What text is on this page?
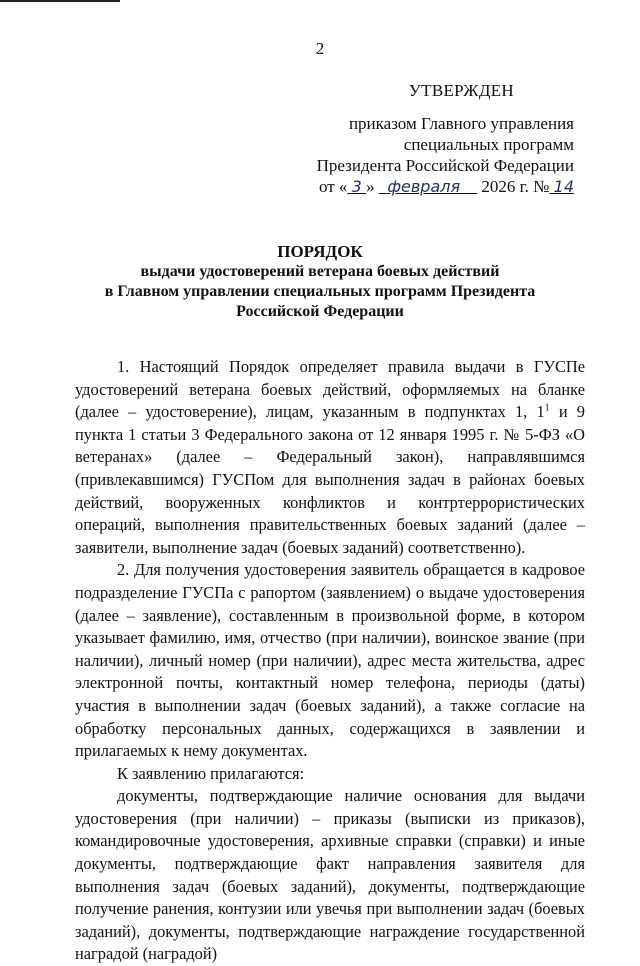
2
УТВЕРЖДЕН
приказом Главного управления
специальных программ
Президента Российской Федерации
от « 3 » февраля 2026 г. № 14
ПОРЯДОК
выдачи удостоверений ветерана боевых действий
в Главном управлении специальных программ Президента
Российской Федерации

1. Настоящий Порядок определяет правила выдачи в ГУСПе удостоверений ветерана боевых действий, оформляемых на бланке (далее – удостоверение), лицам, указанным в подпунктах 1, $1^1$ и 9 пункта 1 статьи 3 Федерального закона от 12 января 1995 г. № 5-ФЗ «О ветеранах» (далее – Федеральный закон), направлявшимся (привлекавшимся) ГУСПом для выполнения задач в районах боевых действий, вооруженных конфликтов и контртеррористических операций, выполнения правительственных боевых заданий (далее – заявители, выполнение задач (боевых заданий) соответственно).

2. Для получения удостоверения заявитель обращается в кадровое подразделение ГУСПа с рапортом (заявлением) о выдаче удостоверения (далее – заявление), составленным в произвольной форме, в котором указывает фамилию, имя, отчество (при наличии), воинское звание (при наличии), личный номер (при наличии), адрес места жительства, адрес электронной почты, контактный номер телефона, периоды (даты) участия в выполнении задач (боевых заданий), а также согласие на обработку персональных данных, содержащихся в заявлении и прилагаемых к нему документах.

К заявлению прилагаются:

документы, подтверждающие наличие основания для выдачи удостоверения (при наличии) – приказы (выписки из приказов), командировочные удостоверения, архивные справки (справки) и иные документы, подтверждающие факт направления заявителя для выполнения задач (боевых заданий), документы, подтверждающие получение ранения, контузии или увечья при выполнении задач (боевых заданий), документы, подтверждающие награждение государственной наградой (наградой)
